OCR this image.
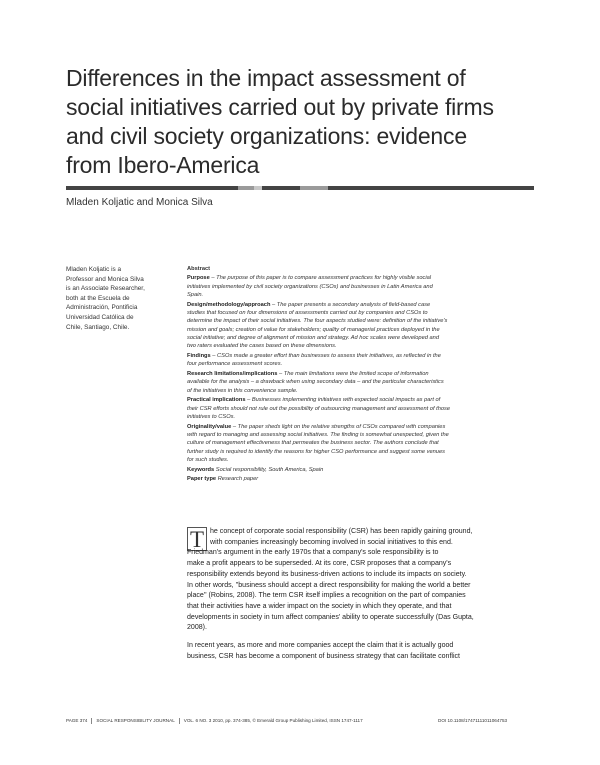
Differences in the impact assessment of
social initiatives carried out by private firms
and civil society organizations: evidence
from Ibero-America
Mladen Koljatic and Monica Silva
Mladen Koljatic is a
Professor and Monica Silva
is an Associate Researcher,
both at the Escuela de
Administración, Pontificia
Universidad Católica de
Chile, Santiago, Chile.
Abstract
Purpose – The purpose of this paper is to compare assessment practices for highly visible social
initiatives implemented by civil society organizations (CSOs) and businesses in Latin America and
Spain.
Design/methodology/approach – The paper presents a secondary analysis of field-based case
studies that focused on four dimensions of assessments carried out by companies and CSOs to
determine the impact of their social initiatives. The four aspects studied were: definition of the initiative's
mission and goals; creation of value for stakeholders; quality of managerial practices deployed in the
social initiative; and degree of alignment of mission and strategy. Ad hoc scales were developed and
two raters evaluated the cases based on these dimensions.
Findings – CSOs made a greater effort than businesses to assess their initiatives, as reflected in the
four performance assessment scores.
Research limitations/implications – The main limitations were the limited scope of information
available for the analysis – a drawback when using secondary data – and the particular characteristics
of the initiatives in this convenience sample.
Practical implications – Businesses implementing initiatives with expected social impacts as part of
their CSR efforts should not rule out the possibility of outsourcing management and assessment of those
initiatives to CSOs.
Originality/value – The paper sheds light on the relative strengths of CSOs compared with companies
with regard to managing and assessing social initiatives. The finding is somewhat unexpected, given the
culture of management effectiveness that permeates the business sector. The authors conclude that
further study is required to identify the reasons for higher CSO performance and suggest some venues
for such studies.
Keywords Social responsibility, South America, Spain
Paper type Research paper
T he concept of corporate social responsibility (CSR) has been rapidly gaining ground,
with companies increasingly becoming involved in social initiatives to this end.
Friedman's argument in the early 1970s that a company's sole responsibility is to
make a profit appears to be superseded. At its core, CSR proposes that a company's
responsibility extends beyond its business-driven actions to include its impacts on society.
In other words, ''business should accept a direct responsibility for making the world a better
place'' (Robins, 2008). The term CSR itself implies a recognition on the part of companies
that their activities have a wider impact on the society in which they operate, and that
developments in society in turn affect companies' ability to operate successfully (Das Gupta,
2008).

In recent years, as more and more companies accept the claim that it is actually good
business, CSR has become a component of business strategy that can facilitate conflict

PAGE 374 SOCIAL RESPONSIBILITY JOURNAL VOL. 6 NO. 3 2010, pp. 374-385, © Emerald Group Publishing Limited, ISSN 1747-1117	DOI 10.1108/17471111011064753
